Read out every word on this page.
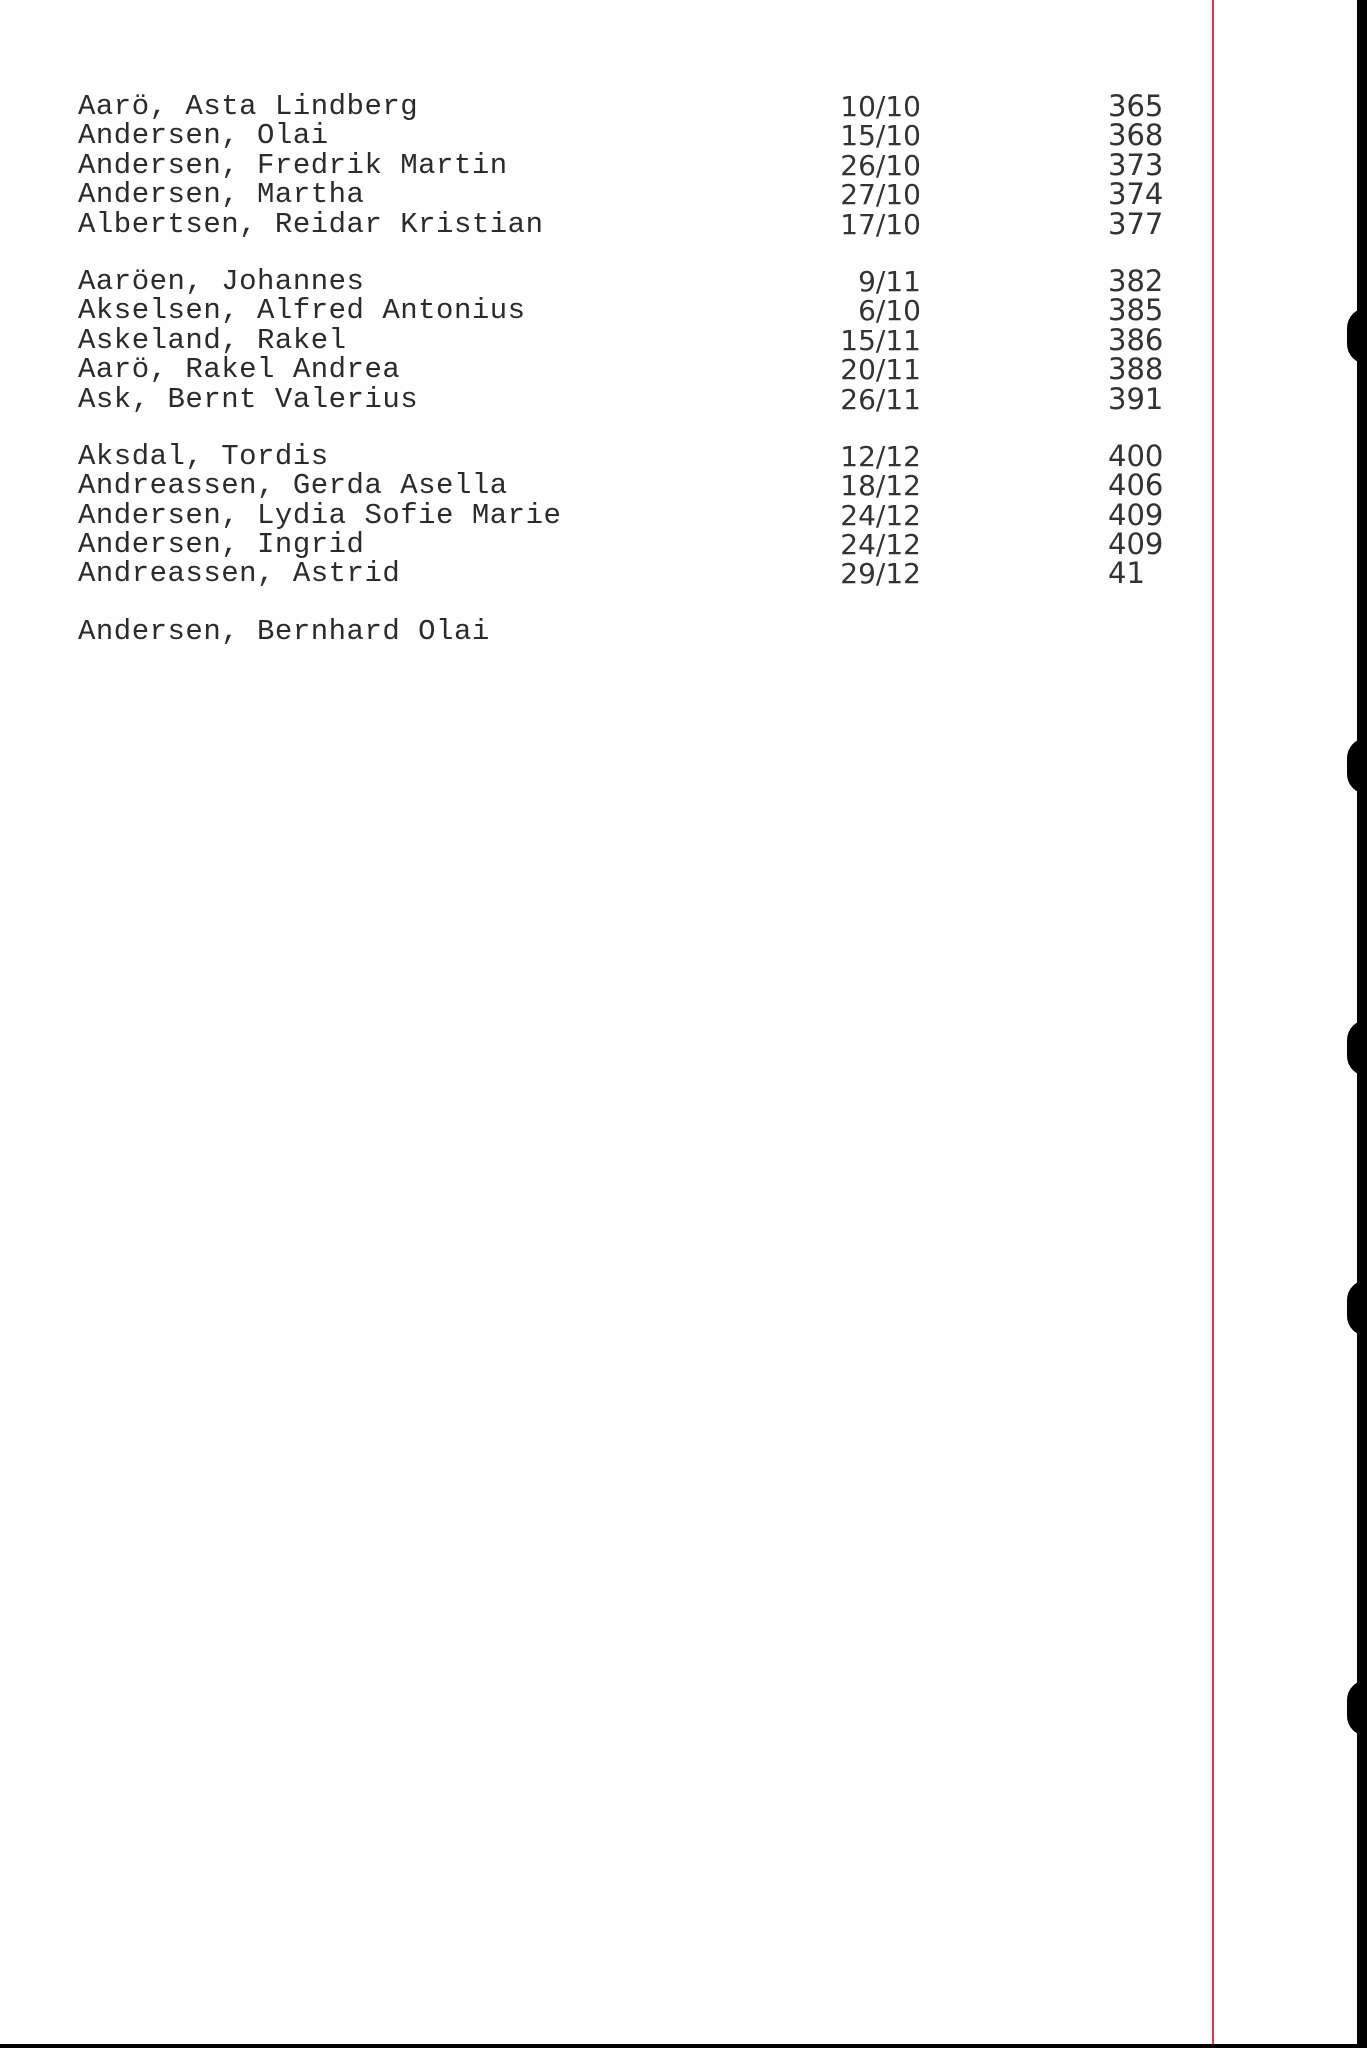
Aarö, Asta Lindberg	10/10	365
Andersen, Olai	15/10	368
Andersen, Fredrik Martin	26/10	373
Andersen, Martha	27/10	374
Albertsen, Reidar Kristian	17/10	377
Aaröen, Johannes	9/11	382
Akselsen, Alfred Antonius	6/10	385
Askeland, Rakel	15/11	386
Aarö, Rakel Andrea	20/11	388
Ask, Bernt Valerius	26/11	391
Aksdal, Tordis	12/12	400
Andreassen, Gerda Asella	18/12	406
Andersen, Lydia Sofie Marie	24/12	409
Andersen, Ingrid	24/12	409
Andreassen, Astrid	29/12	41
Andersen, Bernhard Olai
